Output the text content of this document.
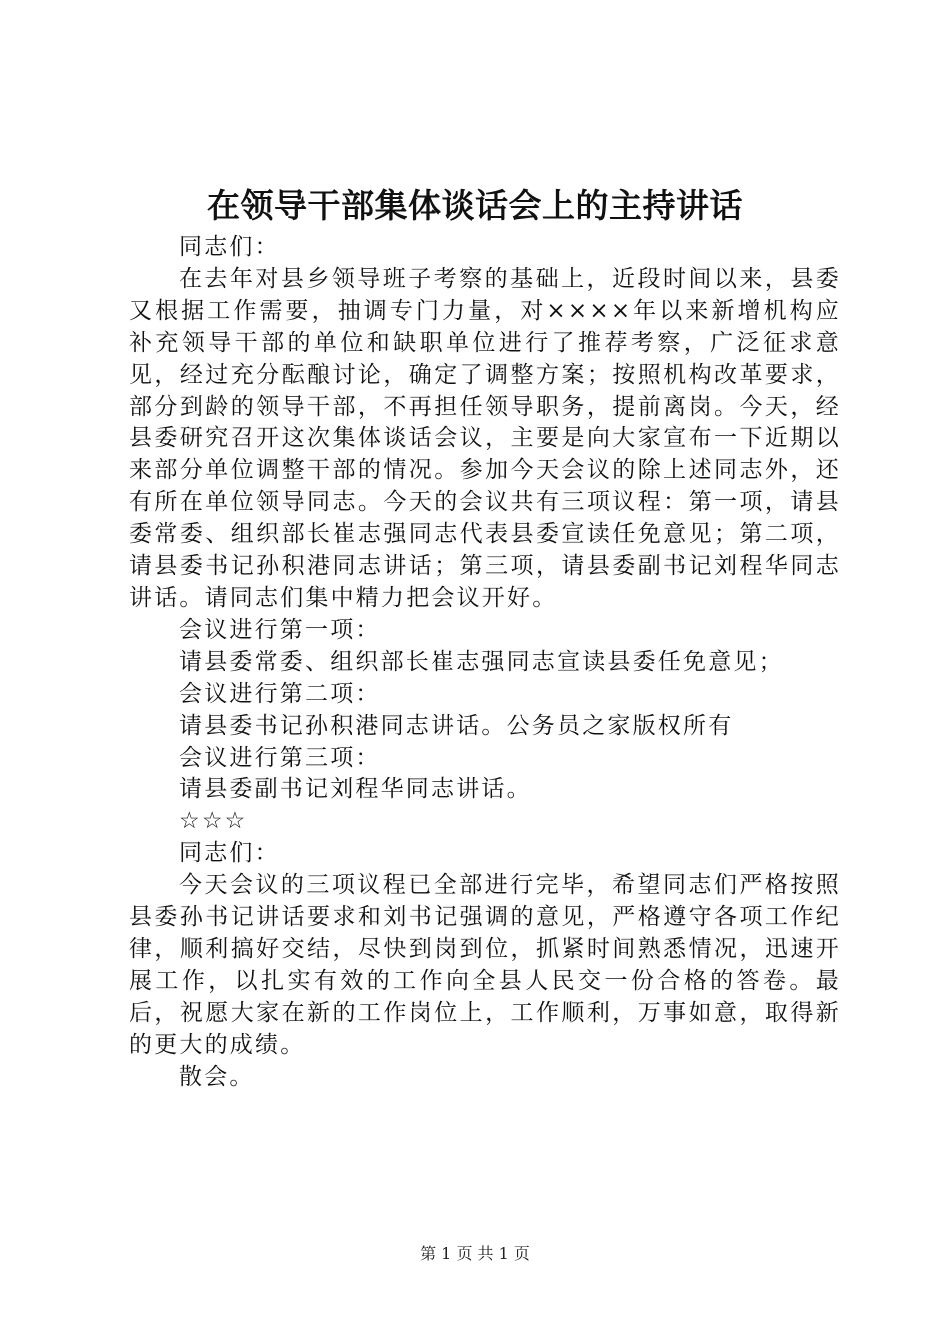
在领导干部集体谈话会上的主持讲话

同志们：

在去年对县乡领导班子考察的基础上，近段时间以来，县委又根据工作需要，抽调专门力量，对××××年以来新增机构应补充领导干部的单位和缺职单位进行了推荐考察，广泛征求意见，经过充分酝酿讨论，确定了调整方案；按照机构改革要求，部分到龄的领导干部，不再担任领导职务，提前离岗。今天，经县委研究召开这次集体谈话会议，主要是向大家宣布一下近期以来部分单位调整干部的情况。参加今天会议的除上述同志外，还有所在单位领导同志。今天的会议共有三项议程：第一项，请县委常委、组织部长崔志强同志代表县委宣读任免意见；第二项，请县委书记孙积港同志讲话；第三项，请县委副书记刘程华同志讲话。请同志们集中精力把会议开好。

会议进行第一项：

请县委常委、组织部长崔志强同志宣读县委任免意见；

会议进行第二项：

请县委书记孙积港同志讲话。公务员之家版权所有

会议进行第三项：

请县委副书记刘程华同志讲话。

☆☆☆

同志们：

今天会议的三项议程已全部进行完毕，希望同志们严格按照县委孙书记讲话要求和刘书记强调的意见，严格遵守各项工作纪律，顺利搞好交结，尽快到岗到位，抓紧时间熟悉情况，迅速开展工作，以扎实有效的工作向全县人民交一份合格的答卷。最后，祝愿大家在新的工作岗位上，工作顺利，万事如意，取得新的更大的成绩。

散会。

第 1 页 共 1 页
